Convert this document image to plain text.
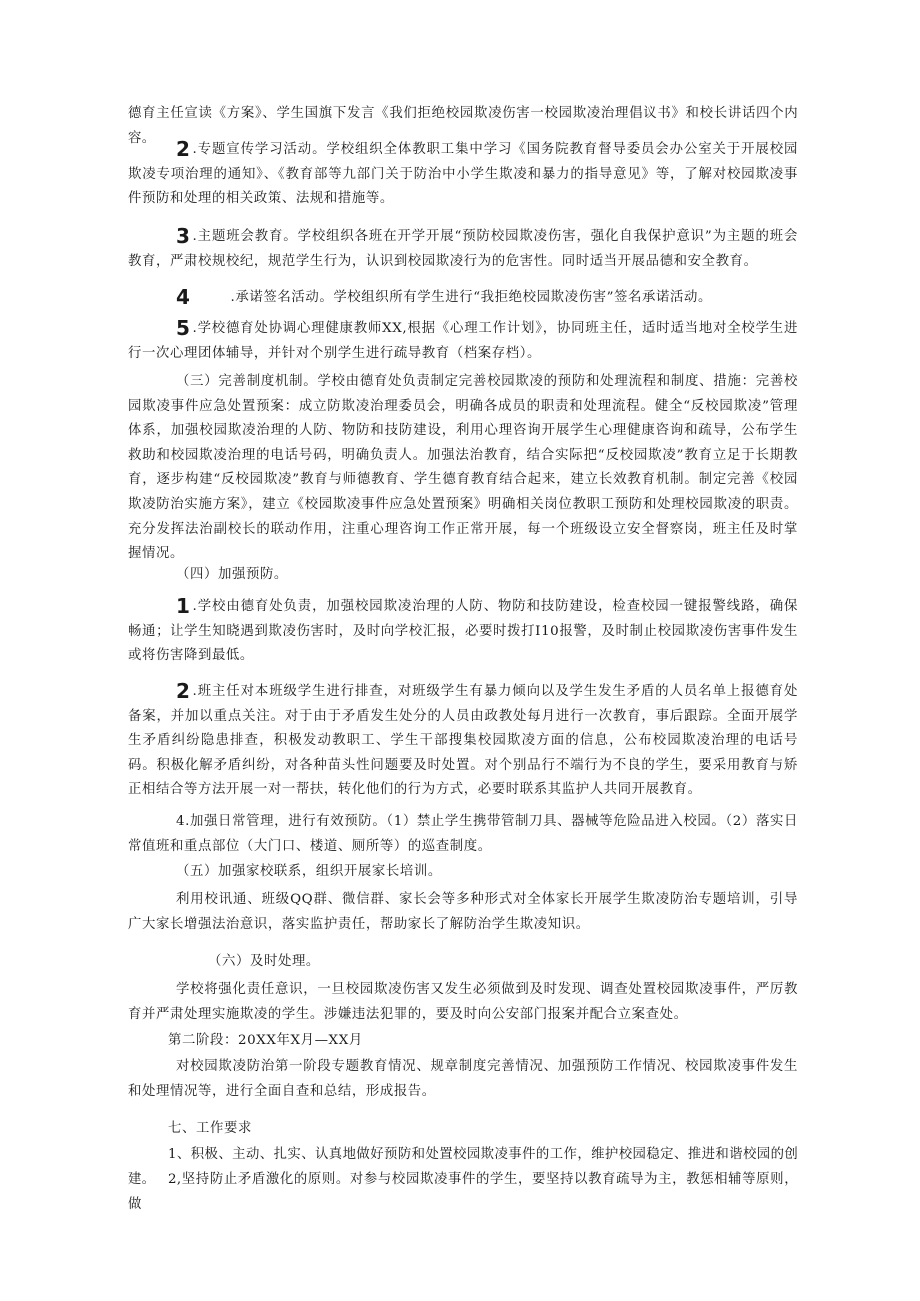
德育主任宣读《方案》、学生国旗下发言《我们拒绝校园欺凌伤害一校园欺凌治理倡议书》和校长讲话四个内容。	2 .专题宣传学习活动。学校组织全体教职工集中学习《国务院教育督导委员会办公室关于开展校园欺凌专项治理的通知》、《教育部等九部门关于防治中小学生欺凌和暴力的指导意见》等，了解对校园欺凌事件预防和处理的相关政策、法规和措施等。
3 .主题班会教育。学校组织各班在开学开展“预防校园欺凌伤害，强化自我保护意识”为主题的班会教育，严肃校规校纪，规范学生行为，认识到校园欺凌行为的危害性。同时适当开展品德和安全教育。
4	.承诺签名活动。学校组织所有学生进行“我拒绝校园欺凌伤害”签名承诺活动。
5 .学校德育处协调心理健康教师XX,根据《心理工作计划》，协同班主任，适时适当地对全校学生进行一次心理团体辅导，并针对个别学生进行疏导教育（档案存档）。
（三）完善制度机制。学校由德育处负责制定完善校园欺凌的预防和处理流程和制度、措施：完善校园欺凌事件应急处置预案：成立防欺凌治理委员会，明确各成员的职责和处理流程。健全“反校园欺凌”管理体系，加强校园欺凌治理的人防、物防和技防建设，利用心理咨询开展学生心理健康咨询和疏导，公布学生救助和校园欺凌治理的电话号码，明确负责人。加强法治教育，结合实际把“反校园欺凌”教育立足于长期教育，逐步构建“反校园欺凌”教育与师德教育、学生德育教育结合起来，建立长效教育机制。制定完善《校园欺凌防治实施方案》，建立《校园欺凌事件应急处置预案》明确相关岗位教职工预防和处理校园欺凌的职责。充分发挥法治副校长的联动作用，注重心理咨询工作正常开展，每一个班级设立安全督察岗，班主任及时掌握情况。
（四）加强预防。
1 .学校由德育处负责，加强校园欺凌治理的人防、物防和技防建设，检查校园一键报警线路，确保畅通；让学生知晓遇到欺凌伤害时，及时向学校汇报，必要时拨打I10报警，及时制止校园欺凌伤害事件发生或将伤害降到最低。
2 .班主任对本班级学生进行排查，对班级学生有暴力倾向以及学生发生矛盾的人员名单上报德育处备案，并加以重点关注。对于由于矛盾发生处分的人员由政教处每月进行一次教育，事后跟踪。全面开展学生矛盾纠纷隐患排查，积极发动教职工、学生干部搜集校园欺凌方面的信息，公布校园欺凌治理的电话号码。积极化解矛盾纠纷，对各种苗头性问题要及时处置。对个别品行不端行为不良的学生，要采用教育与矫正相结合等方法开展一对一帮扶，转化他们的行为方式，必要时联系其监护人共同开展教育。
4.加强日常管理，进行有效预防。（1）禁止学生携带管制刀具、器械等危险品进入校园。（2）落实日常值班和重点部位（大门口、楼道、厕所等）的巡查制度。
（五）加强家校联系，组织开展家长培训。
利用校讯通、班级QQ群、微信群、家长会等多种形式对全体家长开展学生欺凌防治专题培训，引导广大家长增强法治意识，落实监护责任，帮助家长了解防治学生欺凌知识。
（六）及时处理。
学校将强化责任意识，一旦校园欺凌伤害又发生必须做到及时发现、调查处置校园欺凌事件，严厉教育并严肃处理实施欺凌的学生。涉嫌违法犯罪的，要及时向公安部门报案并配合立案查处。
第二阶段：20XX年X月—XX月
对校园欺凌防治第一阶段专题教育情况、规章制度完善情况、加强预防工作情况、校园欺凌事件发生和处理情况等，进行全面自查和总结，形成报告。
七、工作要求
1、积极、主动、扎实、认真地做好预防和处置校园欺凌事件的工作，维护校园稳定、推进和谐校园的创建。 2,坚持防止矛盾激化的原则。对参与校园欺凌事件的学生，要坚持以教育疏导为主，教惩相辅等原则，做
